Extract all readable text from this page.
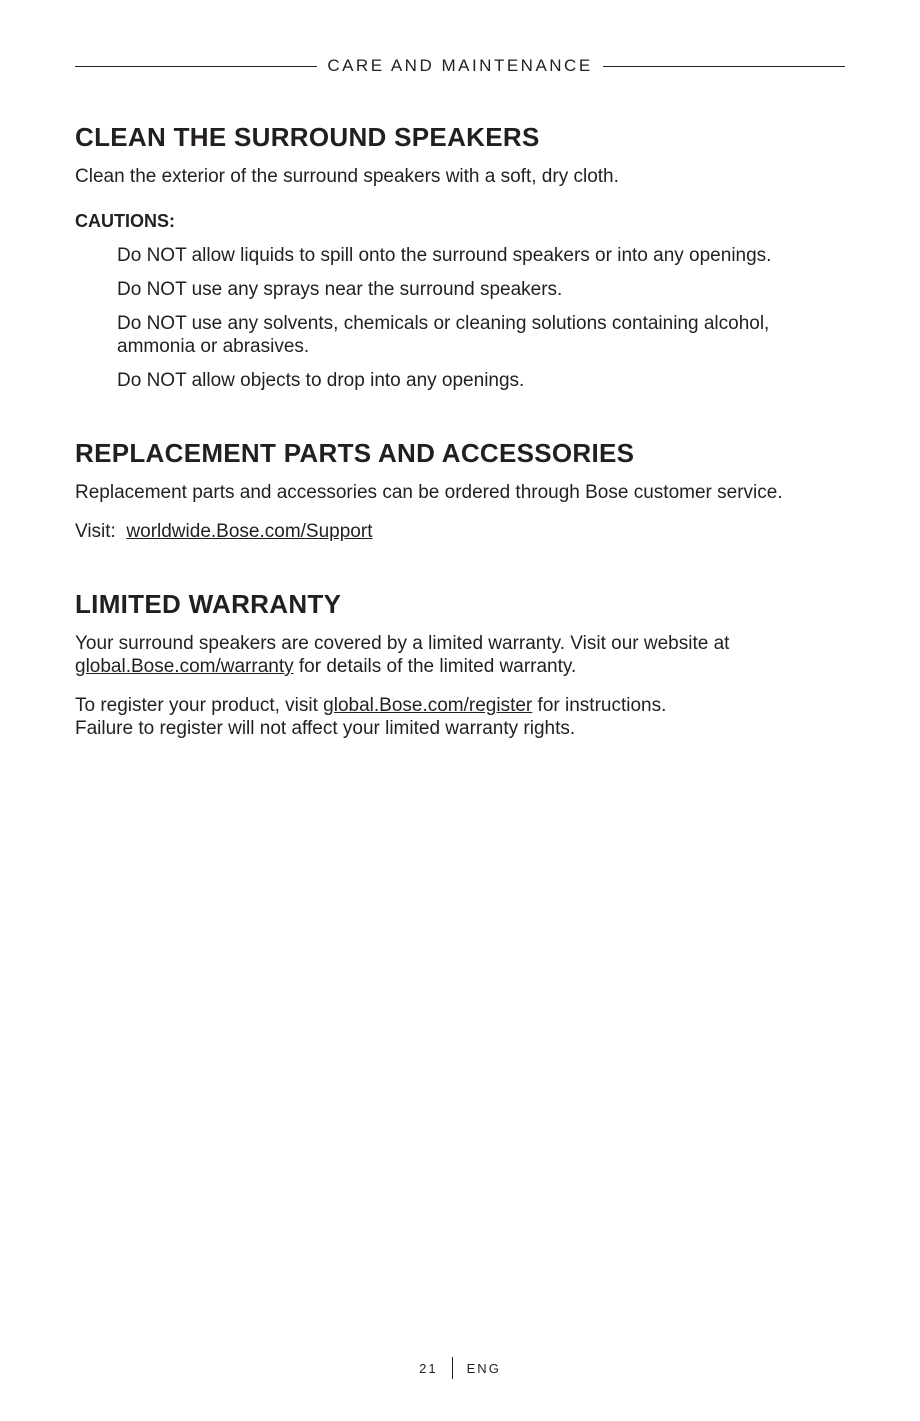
CARE AND MAINTENANCE
CLEAN THE SURROUND SPEAKERS

Clean the exterior of the surround speakers with a soft, dry cloth.

CAUTIONS:
Do NOT allow liquids to spill onto the surround speakers or into any openings.
Do NOT use any sprays near the surround speakers.
Do NOT use any solvents, chemicals or cleaning solutions containing alcohol, ammonia or abrasives.
Do NOT allow objects to drop into any openings.
REPLACEMENT PARTS AND ACCESSORIES

Replacement parts and accessories can be ordered through Bose customer service.

Visit: worldwide.Bose.com/Support

LIMITED WARRANTY

Your surround speakers are covered by a limited warranty. Visit our website at
global.Bose.com/warranty for details of the limited warranty.

To register your product, visit global.Bose.com/register for instructions.
Failure to register will not affect your limited warranty rights.

21 ENG
